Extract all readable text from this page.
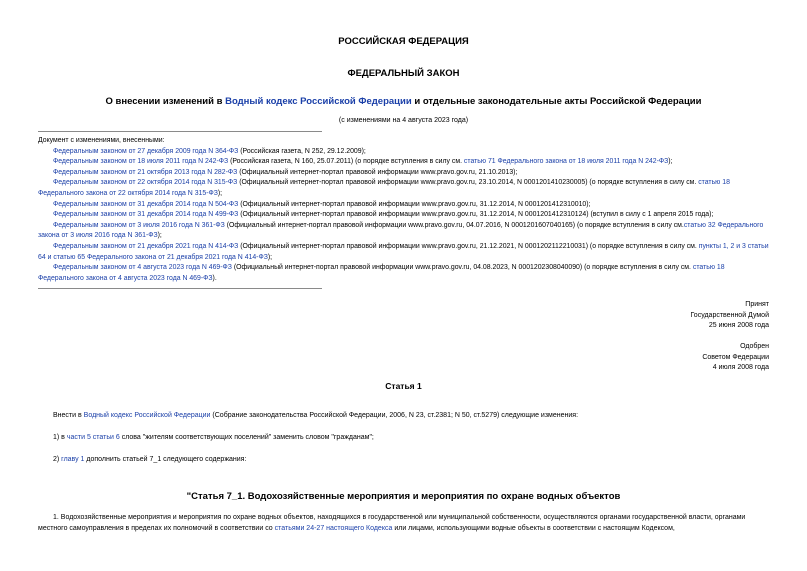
РОССИЙСКАЯ ФЕДЕРАЦИЯ
ФЕДЕРАЛЬНЫЙ ЗАКОН
О внесении изменений в Водный кодекс Российской Федерации и отдельные законодательные акты Российской Федерации
(с изменениями на 4 августа 2023 года)

Документ с изменениями, внесенными:

Федеральным законом от 27 декабря 2009 года N 364-ФЗ (Российская газета, N 252, 29.12.2009);

Федеральным законом от 18 июля 2011 года N 242-ФЗ (Российская газета, N 160, 25.07.2011) (о порядке вступления в силу см. статью 71 Федерального закона от 18 июля 2011 года N 242-ФЗ);

Федеральным законом от 21 октября 2013 года N 282-ФЗ (Официальный интернет-портал правовой информации www.pravo.gov.ru, 21.10.2013);

Федеральным законом от 22 октября 2014 года N 315-ФЗ (Официальный интернет-портал правовой информации www.pravo.gov.ru, 23.10.2014, N 0001201410230005) (о порядке вступления в силу см. статью 18 Федерального закона от 22 октября 2014 года N 315-ФЗ);

Федеральным законом от 31 декабря 2014 года N 504-ФЗ (Официальный интернет-портал правовой информации www.pravo.gov.ru, 31.12.2014, N 0001201412310010);

Федеральным законом от 31 декабря 2014 года N 499-ФЗ (Официальный интернет-портал правовой информации www.pravo.gov.ru, 31.12.2014, N 0001201412310124) (вступил в силу с 1 апреля 2015 года);

Федеральным законом от 3 июля 2016 года N 361-ФЗ (Официальный интернет-портал правовой информации www.pravo.gov.ru, 04.07.2016, N 0001201607040165) (о порядке вступления в силу см.статью 32 Федерального закона от 3 июля 2016 года N 361-ФЗ);

Федеральным законом от 21 декабря 2021 года N 414-ФЗ (Официальный интернет-портал правовой информации www.pravo.gov.ru, 21.12.2021, N 0001202112210031) (о порядке вступления в силу см. пункты 1, 2 и 3 статьи 64 и статью 65 Федерального закона от 21 декабря 2021 года N 414-ФЗ);

Федеральным законом от 4 августа 2023 года N 469-ФЗ (Официальный интернет-портал правовой информации www.pravo.gov.ru, 04.08.2023, N 0001202308040090) (о порядке вступления в силу см. статью 18 Федерального закона от 4 августа 2023 года N 469-ФЗ).

Принят
Государственной Думой
25 июня 2008 года
Одобрен
Советом Федерации
4 июля 2008 года
Статья 1
Внести в Водный кодекс Российской Федерации (Собрание законодательства Российской Федерации, 2006, N 23, ст.2381; N 50, ст.5279) следующие изменения:
1) в части 5 статьи 6 слова "жителям соответствующих поселений" заменить словом "гражданам";
2) главу 1 дополнить статьей 7_1 следующего содержания:
"Статья 7_1. Водохозяйственные мероприятия и мероприятия по охране водных объектов
1. Водохозяйственные мероприятия и мероприятия по охране водных объектов, находящихся в государственной или муниципальной собственности, осуществляются органами государственной власти, органами местного самоуправления в пределах их полномочий в соответствии со статьями 24-27 настоящего Кодекса или лицами, использующими водные объекты в соответствии с настоящим Кодексом,
